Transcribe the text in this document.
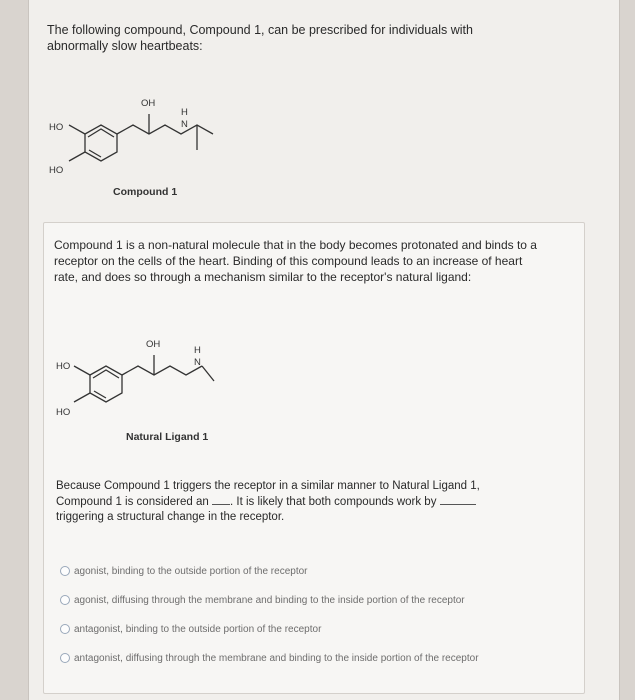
The following compound, Compound 1, can be prescribed for individuals with abnormally slow heartbeats:
HO
HO
OH
H
N
Compound 1
Compound 1 is a non-natural molecule that in the body becomes protonated and binds to a receptor on the cells of the heart. Binding of this compound leads to an increase of heart rate, and does so through a mechanism similar to the receptor's natural ligand:
HO
HO
OH
H
N
Natural Ligand 1
Because Compound 1 triggers the receptor in a similar manner to Natural Ligand 1, Compound 1 is considered an . It is likely that both compounds work by  triggering a structural change in the receptor.
agonist, binding to the outside portion of the receptor
agonist, diffusing through the membrane and binding to the inside portion of the receptor
antagonist, binding to the outside portion of the receptor
antagonist, diffusing through the membrane and binding to the inside portion of the receptor
